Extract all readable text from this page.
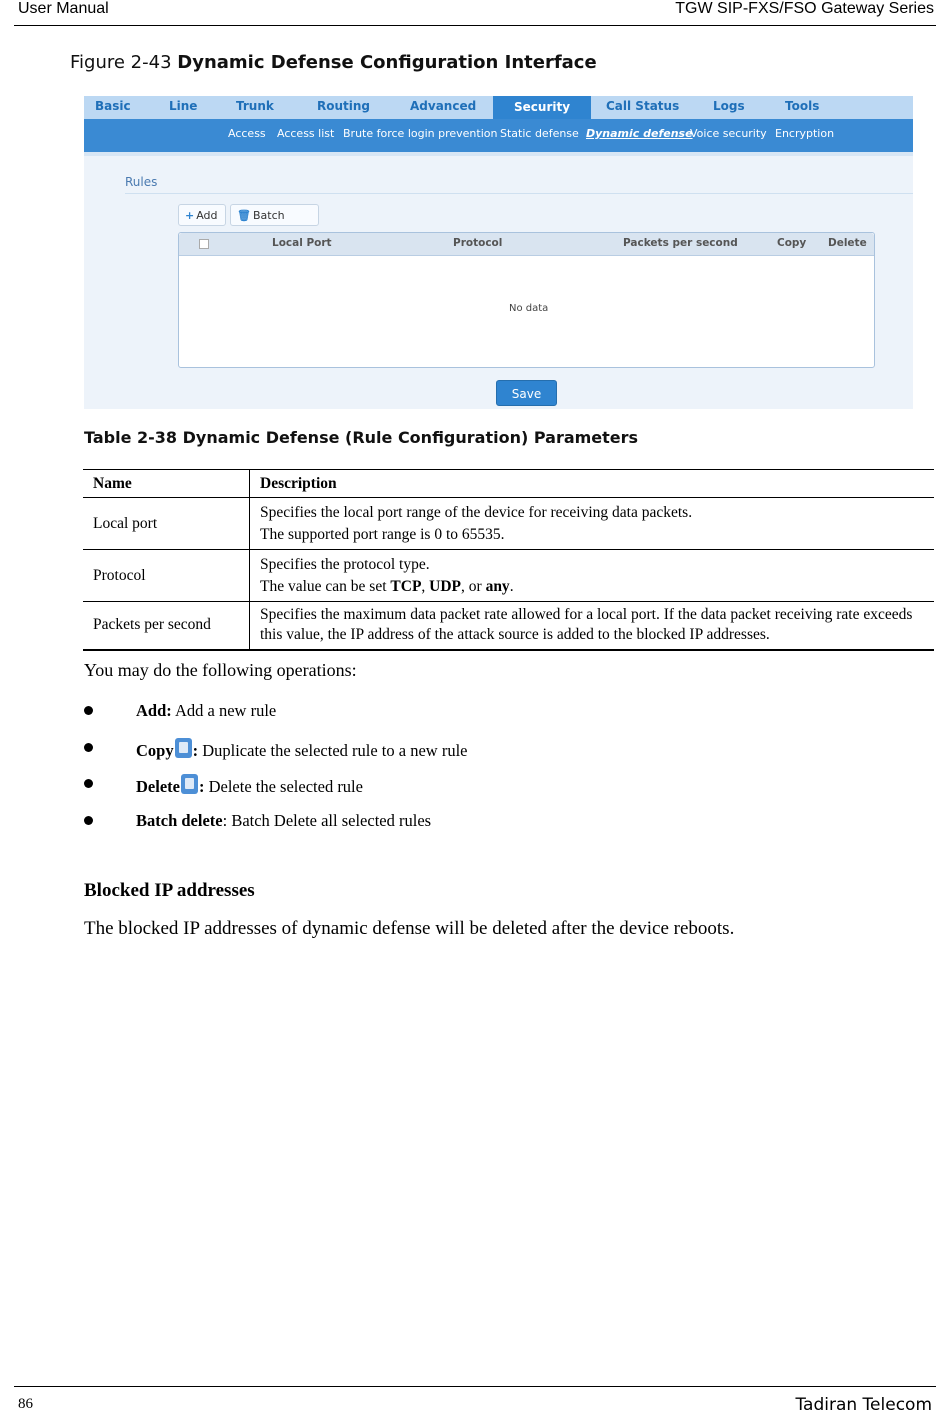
User Manual	TGW SIP-FXS/FSO Gateway Series
Figure 2-43 Dynamic Defense Configuration Interface
Basic	Line	Trunk	Routing	Advanced	Security	Call Status	Logs	Tools
Access Access list Brute force login prevention Static defense Dynamic defense
Voice security Encryption
Rules
+ Add	🗑︎ Batch
Local Port	Protocol	Packets per second	Copy Delete
No data
Save
Table 2-38 Dynamic Defense (Rule Configuration) Parameters
Name	Description
Local port	Specifies the local port range of the device for receiving data packets.
The supported port range is 0 to 65535.

Protocol	Specifies the protocol type.
The value can be set TCP, UDP, or any.

Packets per second	Specifies the maximum data packet rate allowed for a local port. If the data packet receiving rate exceeds this value, the IP address of the attack source is added to the blocked IP addresses.
You may do the following operations:
Add: Add a new rule
Copy : Duplicate the selected rule to a new rule
Delete : Delete the selected rule
Batch delete: Batch Delete all selected rules
Blocked IP addresses
The blocked IP addresses of dynamic defense will be deleted after the device reboots.
86	Tadiran Telecom
